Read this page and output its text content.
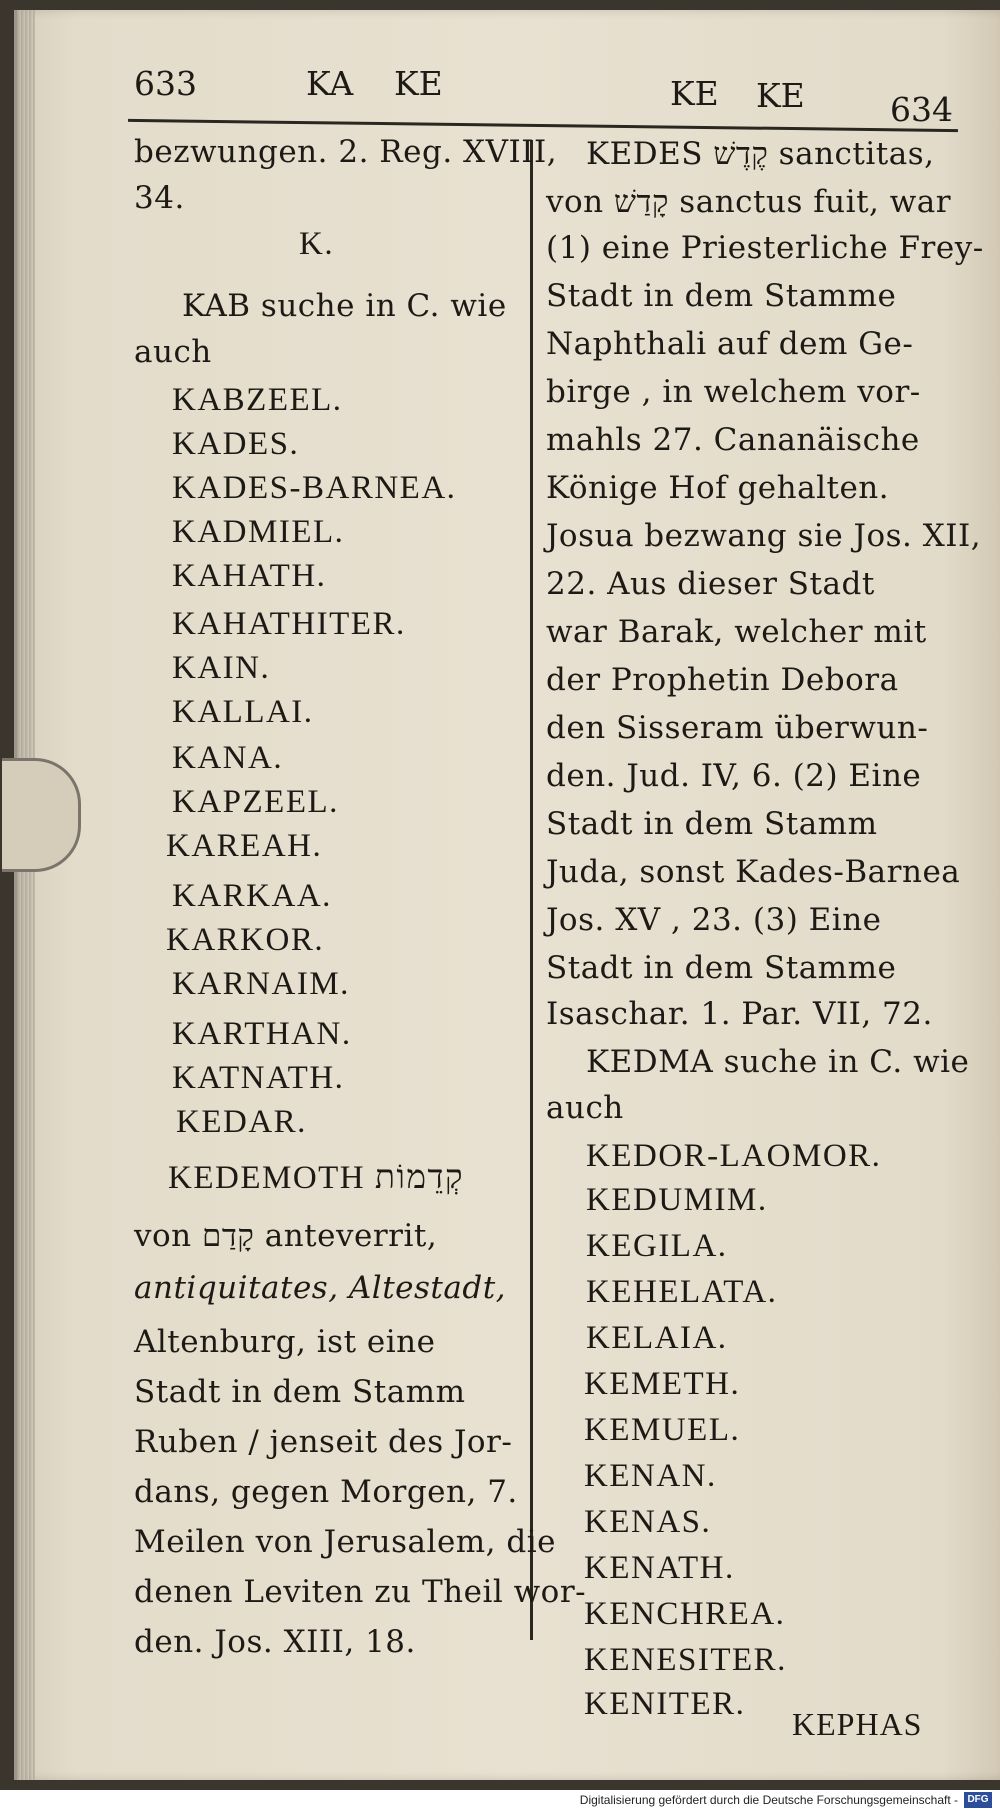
633	KA KE	KE KE	634
bezwungen. 2. Reg. XVIII,
34.
K.
KAB suche in C. wie
auch
KABZEEL.
KADES.
KADES-BARNEA.
KADMIEL.
KAHATH.
KAHATHITER.
KAIN.
KALLAI.
KANA.
KAPZEEL.
KAREAH.
KARKAA.
KARKOR.
KARNAIM.
KARTHAN.
KATNATH.
KEDAR.
KEDEMOTH קְדֵמוֹת
von קָדַם anteverrit,
antiquitates, Altestadt,
Altenburg, ist eine
Stadt in dem Stamm
Ruben / jenseit des Jor-
dans, gegen Morgen, 7.
Meilen von Jerusalem, die
denen Leviten zu Theil wor-
den. Jos. XIII, 18.
KEDES קֶדֶשׁ sanctitas,
von קָדַשׁ sanctus fuit, war
(1) eine Priesterliche Frey-
Stadt in dem Stamme
Naphthali auf dem Ge-
birge , in welchem vor-
mahls 27. Cananäische
Könige Hof gehalten.
Josua bezwang sie Jos. XII,
22. Aus dieser Stadt
war Barak, welcher mit
der Prophetin Debora
den Sisseram überwun-
den. Jud. IV, 6. (2) Eine
Stadt in dem Stamm
Juda, sonst Kades-Barnea
Jos. XV , 23. (3) Eine
Stadt in dem Stamme
Isaschar. 1. Par. VII, 72.
KEDMA suche in C. wie
auch
KEDOR-LAOMOR.
KEDUMIM.
KEGILA.
KEHELATA.
KELAIA.
KEMETH.
KEMUEL.
KENAN.
KENAS.
KENATH.
KENCHREA.
KENESITER.
KENITER.
KEPHAS
Digitalisierung gefördert durch die Deutsche Forschungsgemeinschaft - DFG
